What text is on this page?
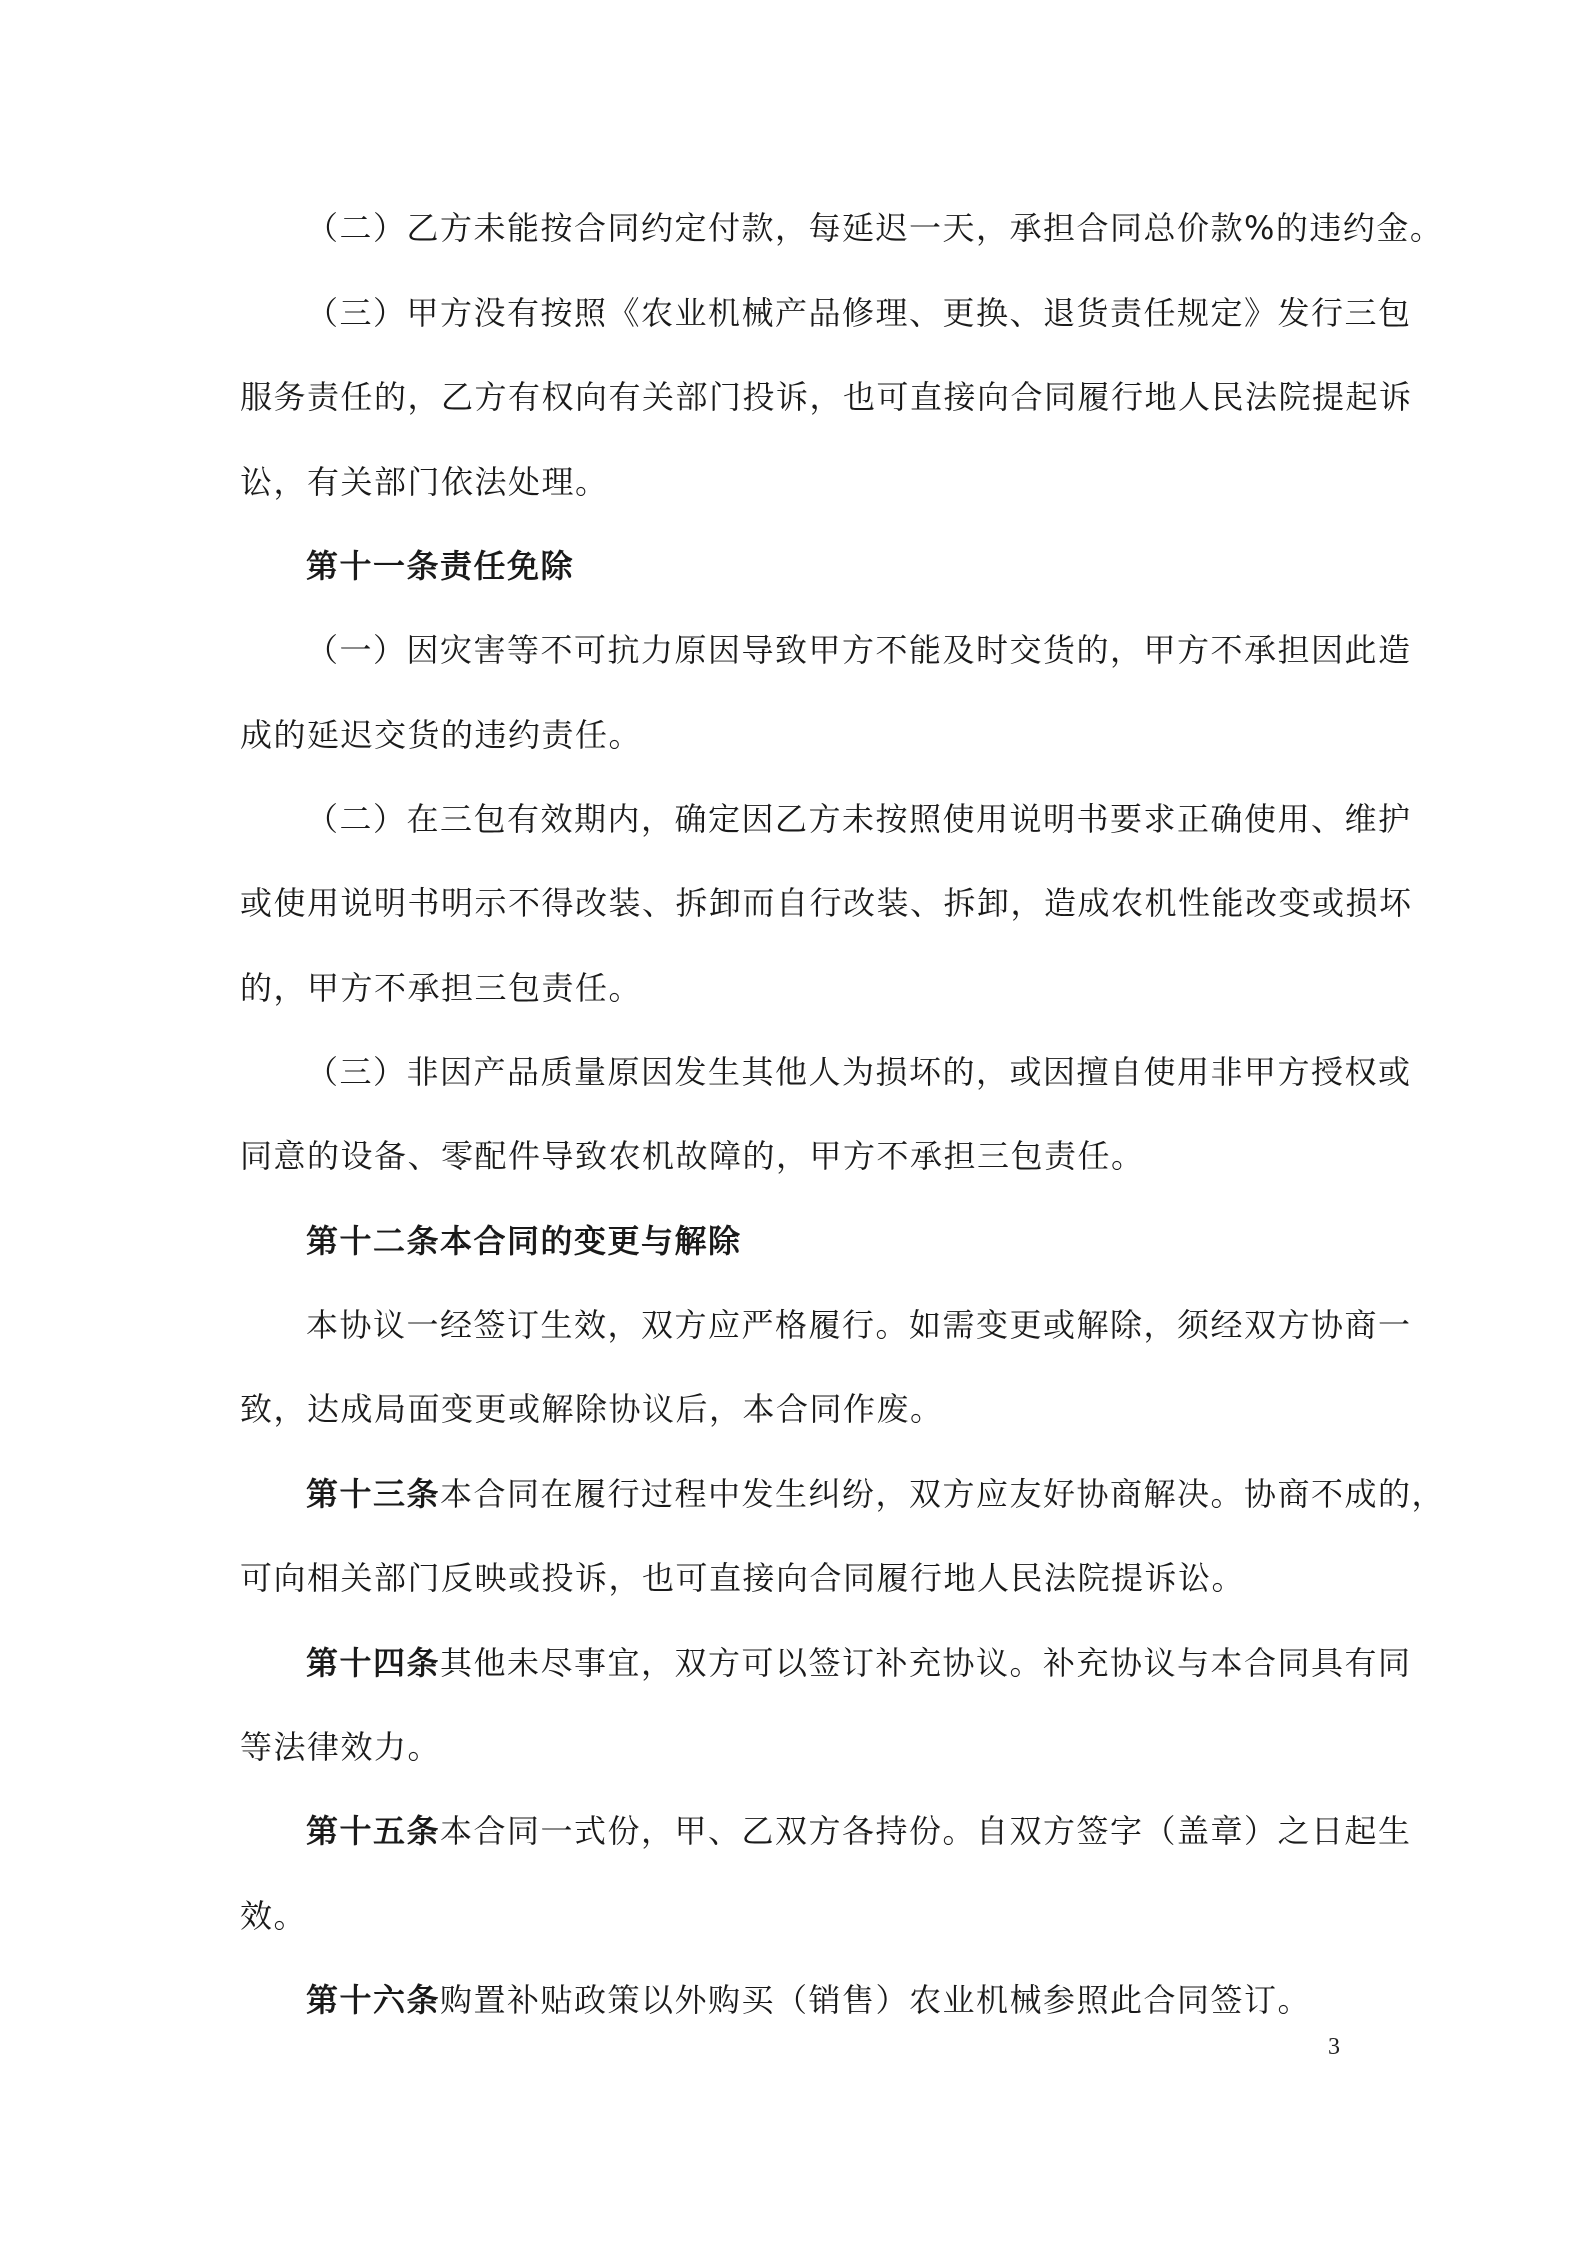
（二）乙方未能按合同约定付款，每延迟一天，承担合同总价款%的违约金。
（三）甲方没有按照《农业机械产品修理、更换、退货责任规定》发行三包
服务责任的，乙方有权向有关部门投诉，也可直接向合同履行地人民法院提起诉
讼，有关部门依法处理。
第十一条责任免除
（一）因灾害等不可抗力原因导致甲方不能及时交货的，甲方不承担因此造
成的延迟交货的违约责任。
（二）在三包有效期内，确定因乙方未按照使用说明书要求正确使用、维护
或使用说明书明示不得改装、拆卸而自行改装、拆卸，造成农机性能改变或损坏
的，甲方不承担三包责任。
（三）非因产品质量原因发生其他人为损坏的，或因擅自使用非甲方授权或
同意的设备、零配件导致农机故障的，甲方不承担三包责任。
第十二条本合同的变更与解除
本协议一经签订生效，双方应严格履行。如需变更或解除，须经双方协商一
致，达成局面变更或解除协议后，本合同作废。
第十三条本合同在履行过程中发生纠纷，双方应友好协商解决。协商不成的，
可向相关部门反映或投诉，也可直接向合同履行地人民法院提诉讼。
第十四条其他未尽事宜，双方可以签订补充协议。补充协议与本合同具有同
等法律效力。
第十五条本合同一式份，甲、乙双方各持份。自双方签字（盖章）之日起生
效。
第十六条购置补贴政策以外购买（销售）农业机械参照此合同签订。
3
